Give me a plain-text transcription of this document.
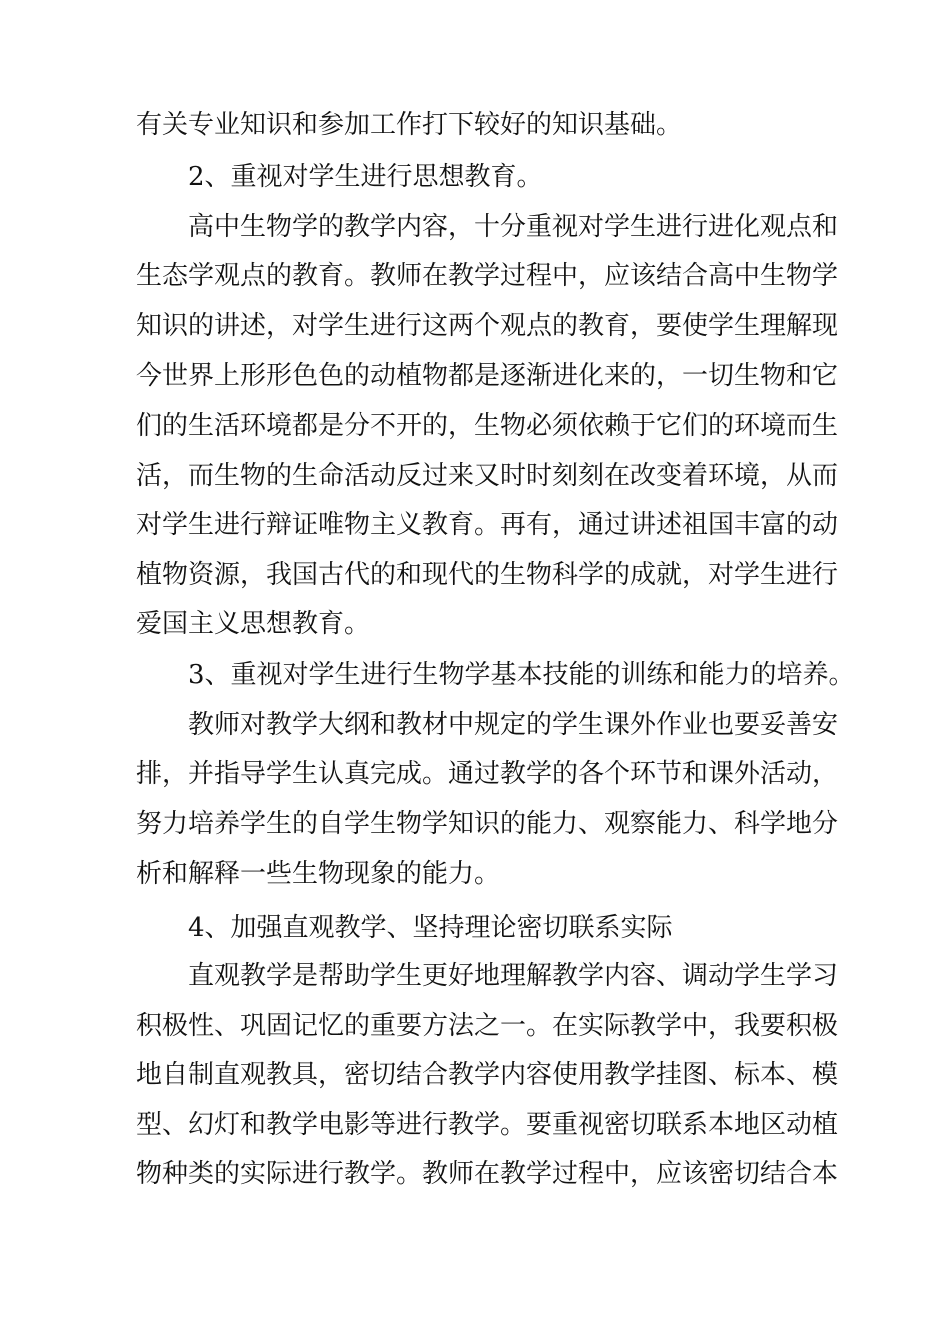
有关专业知识和参加工作打下较好的知识基础。
2、重视对学生进行思想教育。
高中生物学的教学内容，十分重视对学生进行进化观点和
生态学观点的教育。教师在教学过程中，应该结合高中生物学
知识的讲述，对学生进行这两个观点的教育，要使学生理解现
今世界上形形色色的动植物都是逐渐进化来的，一切生物和它
们的生活环境都是分不开的，生物必须依赖于它们的环境而生
活，而生物的生命活动反过来又时时刻刻在改变着环境，从而
对学生进行辩证唯物主义教育。再有，通过讲述祖国丰富的动
植物资源，我国古代的和现代的生物科学的成就，对学生进行
爱国主义思想教育。
3、重视对学生进行生物学基本技能的训练和能力的培养。
教师对教学大纲和教材中规定的学生课外作业也要妥善安
排，并指导学生认真完成。通过教学的各个环节和课外活动，
努力培养学生的自学生物学知识的能力、观察能力、科学地分
析和解释一些生物现象的能力。
4、加强直观教学、坚持理论密切联系实际
直观教学是帮助学生更好地理解教学内容、调动学生学习
积极性、巩固记忆的重要方法之一。在实际教学中，我要积极
地自制直观教具，密切结合教学内容使用教学挂图、标本、模
型、幻灯和教学电影等进行教学。要重视密切联系本地区动植
物种类的实际进行教学。教师在教学过程中，应该密切结合本
